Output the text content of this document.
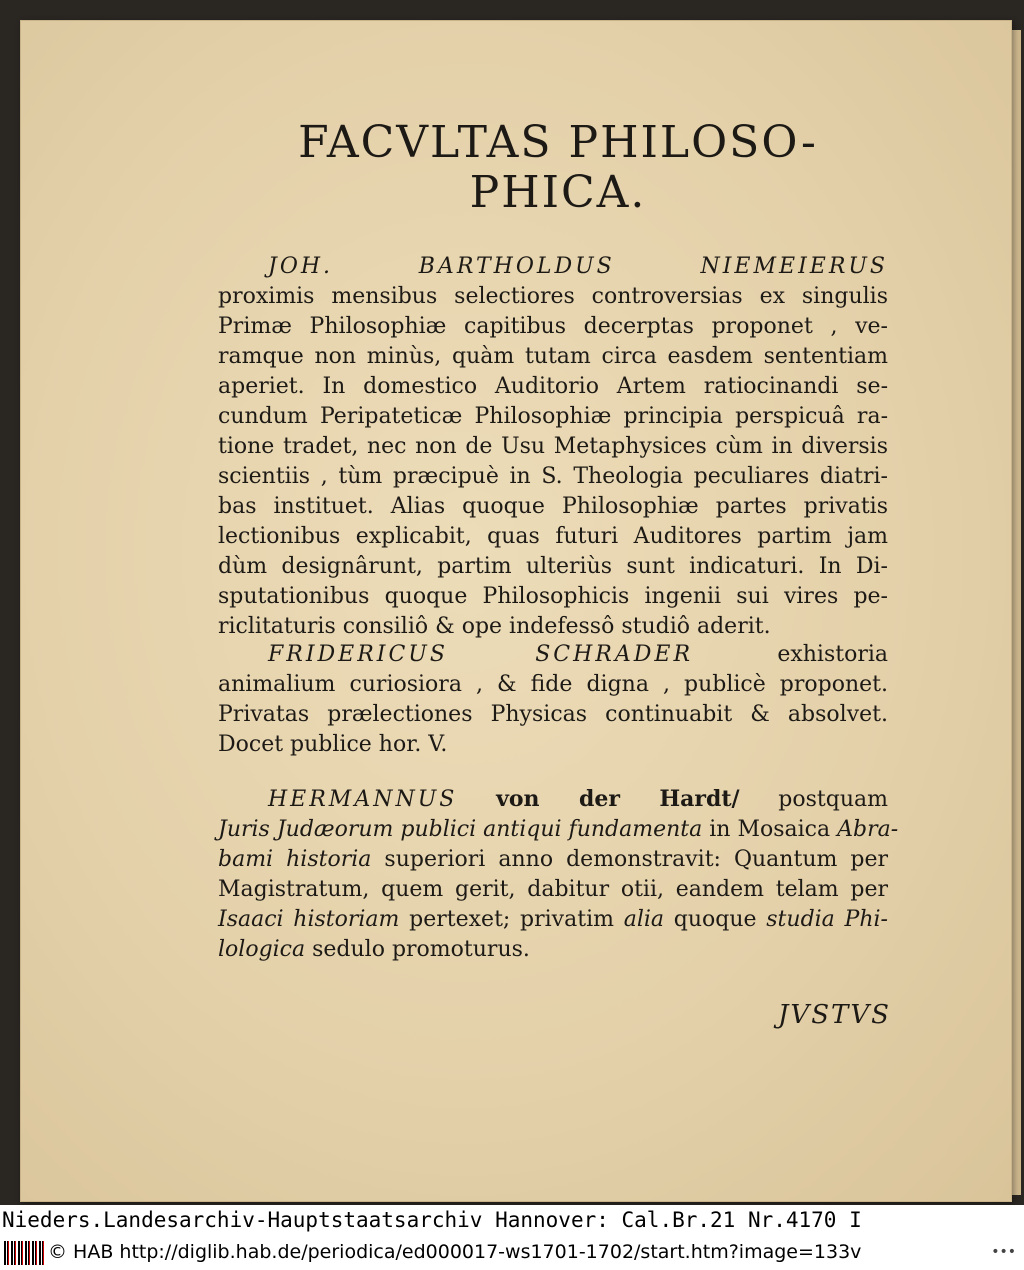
FACVLTAS PHILOSO-
PHICA.
JOH. BARTHOLDUS NIEMEIERUS
proximis mensibus selectiores controversias ex singulis
Primæ Philosophiæ capitibus decerptas proponet , ve-
ramque non minùs, quàm tutam circa easdem sententiam
aperiet. In domestico Auditorio Artem ratiocinandi se-
cundum Peripateticæ Philosophiæ principia perspicuâ ra-
tione tradet, nec non de Usu Metaphysices cùm in diversis
scientiis , tùm præcipuè in S. Theologia peculiares diatri-
bas instituet. Alias quoque Philosophiæ partes privatis
lectionibus explicabit, quas futuri Auditores partim jam
dùm designârunt, partim ulteriùs sunt indicaturi. In Di-
sputationibus quoque Philosophicis ingenii sui vires pe-
riclitaturis consiliô & ope indefessô studiô aderit.
FRIDERICUS SCHRADER	exhistoria
animalium curiosiora , & fide digna , publicè proponet.
Privatas prælectiones Physicas continuabit & absolvet.
Docet publice hor. V.
HERMANNUS von der Hardt/ postquam
Juris Judæorum publici antiqui fundamenta in Mosaica Abra-
bami historia superiori anno demonstravit: Quantum per
Magistratum, quem gerit, dabitur otii, eandem telam per
Isaaci historiam pertexet; privatim alia quoque studia Phi-
lologica sedulo promoturus.
JVSTVS
Nieders.Landesarchiv-Hauptstaatsarchiv Hannover: Cal.Br.21 Nr.4170 I
© HAB http://diglib.hab.de/periodica/ed000017-ws1701-1702/start.htm?image=133v	•••
